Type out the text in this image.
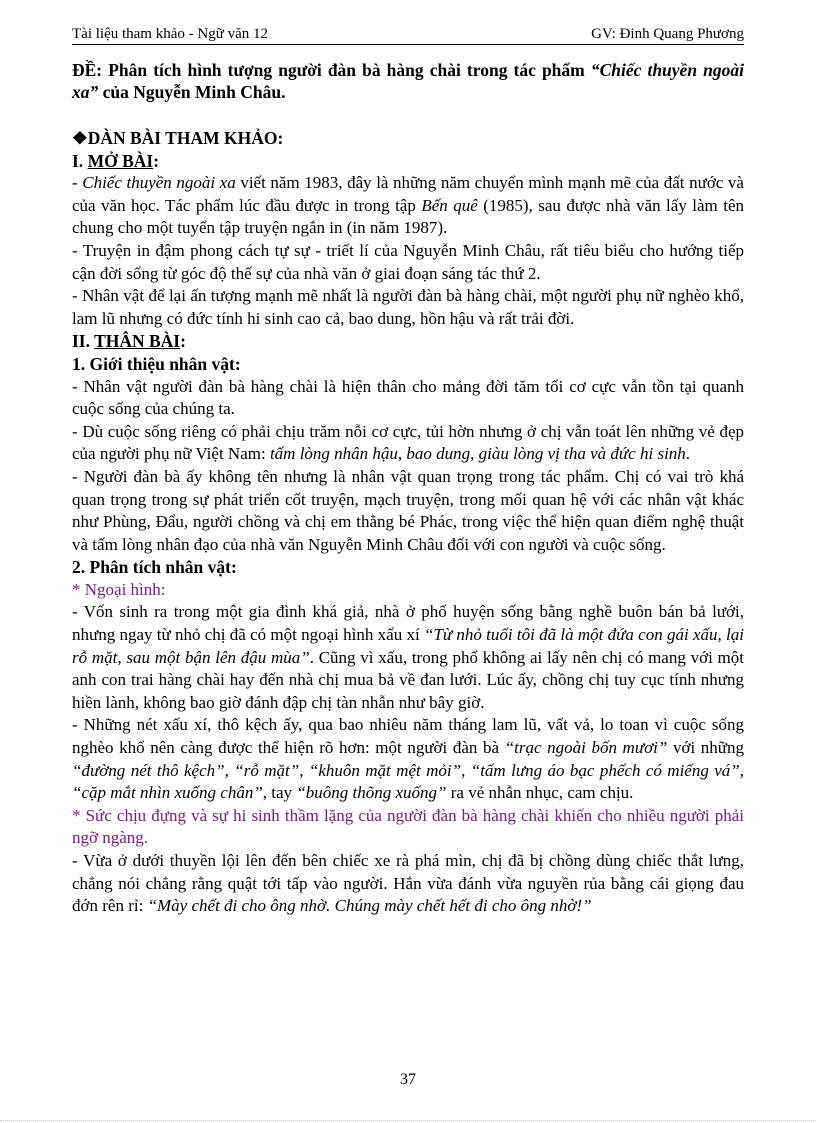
Tài liệu tham khảo - Ngữ văn 12	GV: Đinh Quang Phương

ĐỀ: Phân tích hình tượng người đàn bà hàng chài trong tác phẩm “Chiếc thuyền ngoài xa” của Nguyễn Minh Châu.

❖DÀN BÀI THAM KHẢO:

I. MỞ BÀI:

- Chiếc thuyền ngoài xa viết năm 1983, đây là những năm chuyển mình mạnh mẽ của đất nước và của văn học. Tác phẩm lúc đầu được in trong tập Bến quê (1985), sau được nhà văn lấy làm tên chung cho một tuyển tập truyện ngắn in (in năm 1987).

- Truyện in đậm phong cách tự sự - triết lí của Nguyễn Minh Châu, rất tiêu biểu cho hướng tiếp cận đời sống từ góc độ thế sự của nhà văn ở giai đoạn sáng tác thứ 2.

- Nhân vật để lại ấn tượng mạnh mẽ nhất là người đàn bà hàng chài, một người phụ nữ nghèo khổ, lam lũ nhưng có đức tính hi sinh cao cả, bao dung, hồn hậu và rất trải đời.

II. THÂN BÀI:

1. Giới thiệu nhân vật:

- Nhân vật người đàn bà hàng chài là hiện thân cho mảng đời tăm tối cơ cực vẫn tồn tại quanh cuộc sống của chúng ta.

- Dù cuộc sống riêng có phải chịu trăm nỗi cơ cực, tủi hờn nhưng ở chị vẫn toát lên những vẻ đẹp của người phụ nữ Việt Nam: tấm lòng nhân hậu, bao dung, giàu lòng vị tha và đức hi sinh.

- Người đàn bà ấy không tên nhưng là nhân vật quan trọng trong tác phẩm. Chị có vai trò khá quan trọng trong sự phát triển cốt truyện, mạch truyện, trong mối quan hệ với các nhân vật khác như Phùng, Đẩu, người chồng và chị em thằng bé Phác, trong việc thể hiện quan điểm nghệ thuật và tấm lòng nhân đạo của nhà văn Nguyễn Minh Châu đối với con người và cuộc sống.

2. Phân tích nhân vật:

* Ngoại hình:

- Vốn sinh ra trong một gia đình khá giả, nhà ở phố huyện sống bằng nghề buôn bán bả lưới, nhưng ngay từ nhỏ chị đã có một ngoại hình xấu xí “Từ nhỏ tuổi tôi đã là một đứa con gái xấu, lại rỗ mặt, sau một bận lên đậu mùa”. Cũng vì xấu, trong phố không ai lấy nên chị có mang với một anh con trai hàng chài hay đến nhà chị mua bả về đan lưới. Lúc ấy, chồng chị tuy cục tính nhưng hiền lành, không bao giờ đánh đập chị tàn nhẫn như bây giờ.

- Những nét xấu xí, thô kệch ấy, qua bao nhiêu năm tháng lam lũ, vất vả, lo toan vì cuộc sống nghèo khổ nên càng được thể hiện rõ hơn: một người đàn bà “trạc ngoài bốn mươi” với những “đường nét thô kệch”, “rỗ mặt”, “khuôn mặt mệt mỏi”, “tấm lưng áo bạc phếch có miếng vá”, “cặp mắt nhìn xuống chân”, tay “buông thõng xuống” ra vẻ nhẫn nhục, cam chịu.

* Sức chịu đựng và sự hi sinh thầm lặng của người đàn bà hàng chài khiến cho nhiều người phải ngỡ ngàng.

- Vừa ở dưới thuyền lội lên đến bên chiếc xe rà phá mìn, chị đã bị chồng dùng chiếc thắt lưng, chẳng nói chẳng rằng quật tới tấp vào người. Hắn vừa đánh vừa nguyền rủa bằng cái giọng đau đớn rên rỉ: “Mày chết đi cho ông nhờ. Chúng mày chết hết đi cho ông nhờ!”

37
